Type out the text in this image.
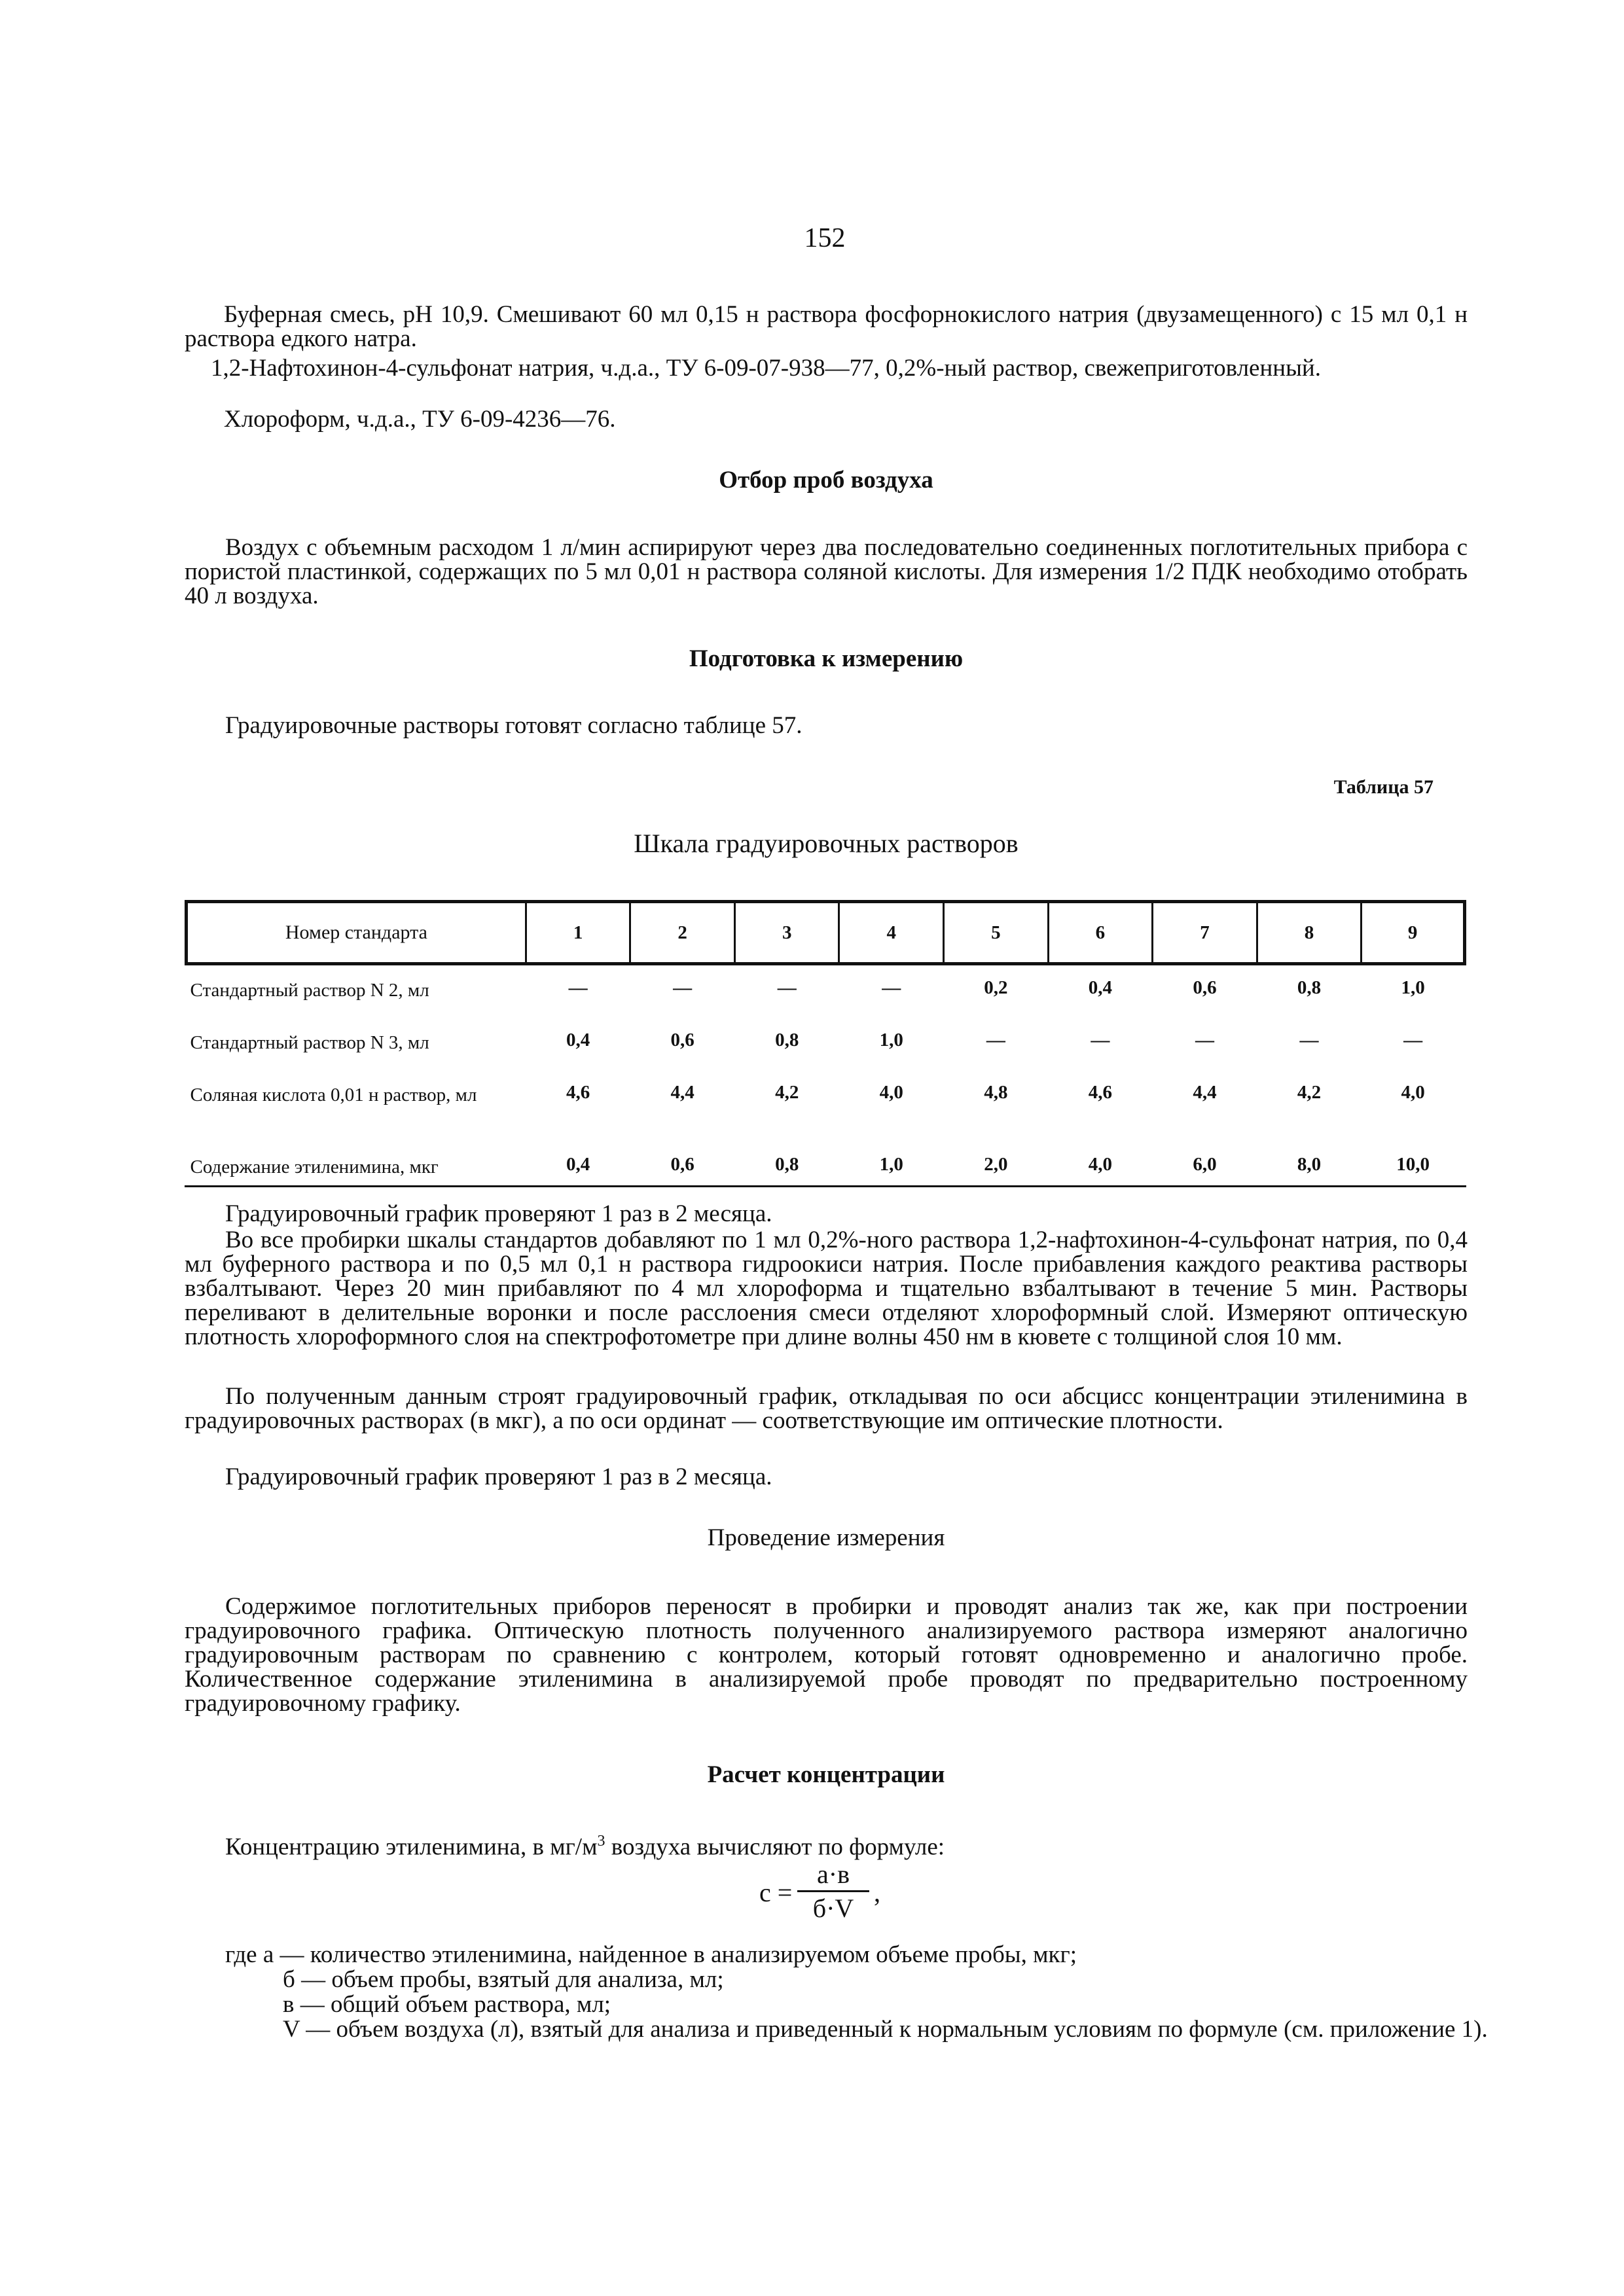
152
Буферная смесь, рН 10,9. Смешивают 60 мл 0,15 н раствора фосфорнокислого натрия (двузамещенного) с 15 мл 0,1 н раствора едкого натра.
1,2-Нафтохинон-4-сульфонат натрия, ч.д.а., ТУ 6-09-07-938—77, 0,2%-ный раствор, свежеприготовленный.
Хлороформ, ч.д.а., ТУ 6-09-4236—76.
Отбор проб воздуха
Воздух с объемным расходом 1 л/мин аспирируют через два последовательно соединенных поглотительных прибора с пористой пластинкой, содержащих по 5 мл 0,01 н раствора соляной кислоты. Для измерения 1/2 ПДК необходимо отобрать 40 л воздуха.
Подготовка к измерению
Градуировочные растворы готовят согласно таблице 57.
Таблица 57
Шкала градуировочных растворов
Номер стандарта	1	2	3	4	5	6	7	8	9
Стандартный раствор N 2, мл	—	—	—	—	0,2	0,4	0,6	0,8	1,0
Стандартный раствор N 3, мл	0,4	0,6	0,8	1,0	—	—	—	—	—
Соляная кислота 0,01 н раствор, мл	4,6	4,4	4,2	4,0	4,8	4,6	4,4	4,2	4,0
Содержание этиленимина, мкг	0,4	0,6	0,8	1,0	2,0	4,0	6,0	8,0	10,0
Градуировочный график проверяют 1 раз в 2 месяца.
Во все пробирки шкалы стандартов добавляют по 1 мл 0,2%-ного раствора 1,2-нафтохинон-4-сульфонат натрия, по 0,4 мл буферного раствора и по 0,5 мл 0,1 н раствора гидроокиси натрия. После прибавления каждого реактива растворы взбалтывают. Через 20 мин прибавляют по 4 мл хлороформа и тщательно взбалтывают в течение 5 мин. Растворы переливают в делительные воронки и после расслоения смеси отделяют хлороформный слой. Измеряют оптическую плотность хлороформного слоя на спектрофотометре при длине волны 450 нм в кювете с толщиной слоя 10 мм.
По полученным данным строят градуировочный график, откладывая по оси абсцисс концентрации этиленимина в градуировочных растворах (в мкг), а по оси ординат — соответствующие им оптические плотности.
Градуировочный график проверяют 1 раз в 2 месяца.
Проведение измерения
Содержимое поглотительных приборов переносят в пробирки и проводят анализ так же, как при построении градуировочного графика. Оптическую плотность полученного анализируемого раствора измеряют аналогично градуировочным растворам по сравнению с контролем, который готовят одновременно и аналогично пробе. Количественное содержание этиленимина в анализируемой пробе проводят по предварительно построенному градуировочному графику.
Расчет концентрации
Концентрацию этиленимина, в $мг/м^3$ воздуха вычисляют по формуле:
с =
а·в
б·V
,
где а — количество этиленимина, найденное в анализируемом объеме пробы, мкг;
б — объем пробы, взятый для анализа, мл;
в — общий объем раствора, мл;
V — объем воздуха (л), взятый для анализа и приведенный к нормальным условиям по формуле (см. приложение 1).
